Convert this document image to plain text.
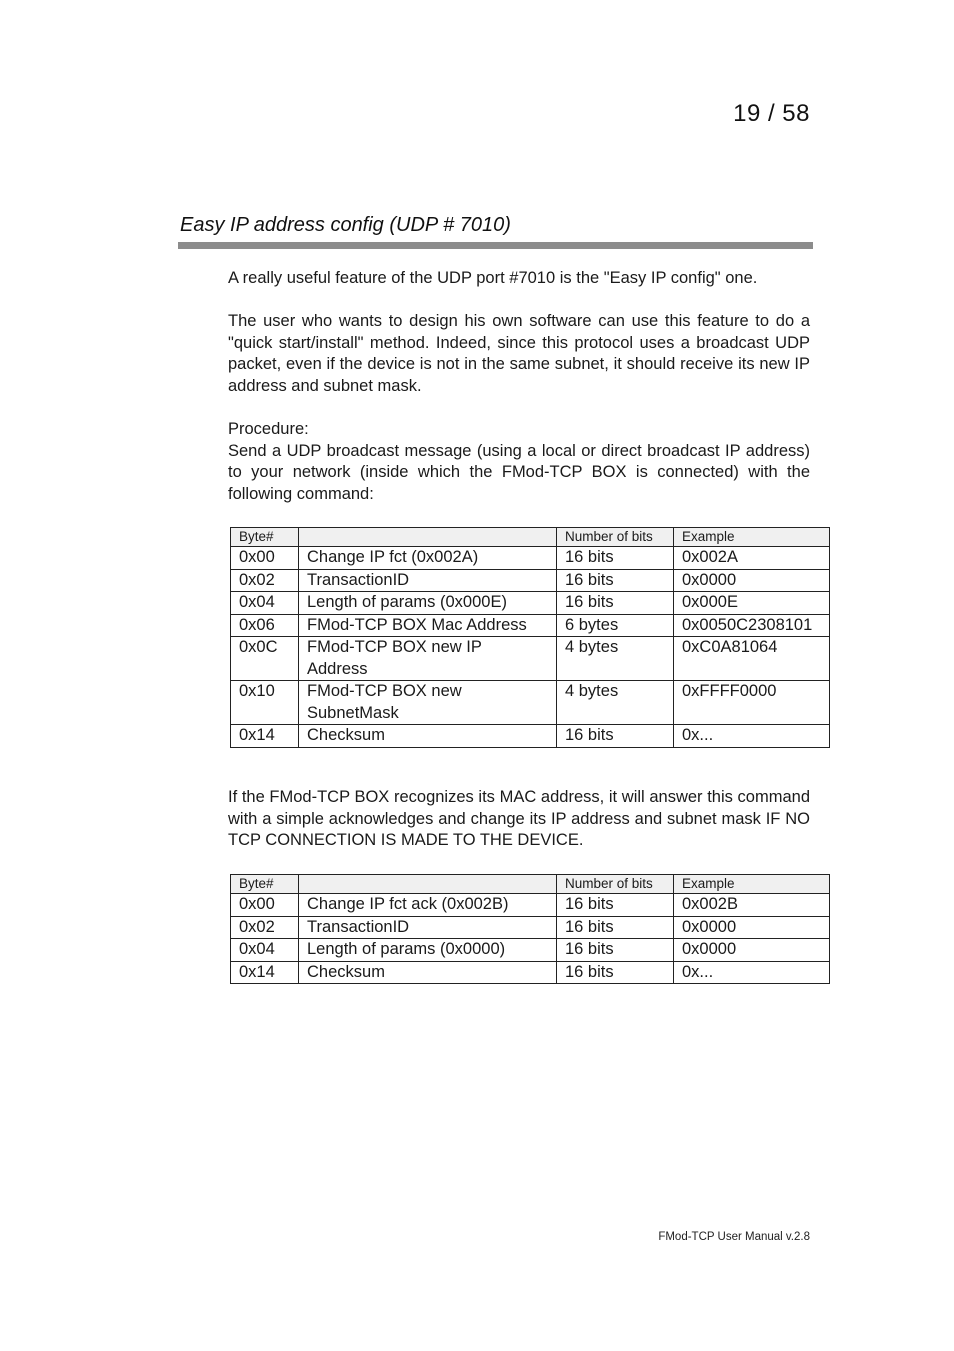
19 / 58
Easy IP address config (UDP # 7010)
A really useful feature of the UDP port #7010 is the "Easy IP config" one.
The user who wants to design his own software can use this feature to do a "quick start/install" method. Indeed, since this protocol uses a broadcast UDP packet, even if the device is not in the same subnet, it should receive its new IP address and subnet mask.
Procedure:
Send a UDP broadcast message (using a local or direct broadcast IP address) to your network (inside which the FMod-TCP BOX is connected) with the following command:
Byte#		Number of bits	Example
0x00	Change IP fct (0x002A)	16 bits	0x002A
0x02	TransactionID	16 bits	0x0000
0x04	Length of params (0x000E)	16 bits	0x000E
0x06	FMod-TCP BOX Mac Address	6 bytes	0x0050C2308101
0x0C	FMod-TCP BOX new IP Address	4 bytes	0xC0A81064
0x10	FMod-TCP BOX new SubnetMask	4 bytes	0xFFFF0000
0x14	Checksum	16 bits	0x...
If the FMod-TCP BOX recognizes its MAC address, it will answer this command with a simple acknowledges and change its IP address and subnet mask IF NO TCP CONNECTION IS MADE TO THE DEVICE.
Byte#		Number of bits	Example
0x00	Change IP fct ack (0x002B)	16 bits	0x002B
0x02	TransactionID	16 bits	0x0000
0x04	Length of params (0x0000)	16 bits	0x0000
0x14	Checksum	16 bits	0x...
FMod-TCP User Manual v.2.8
